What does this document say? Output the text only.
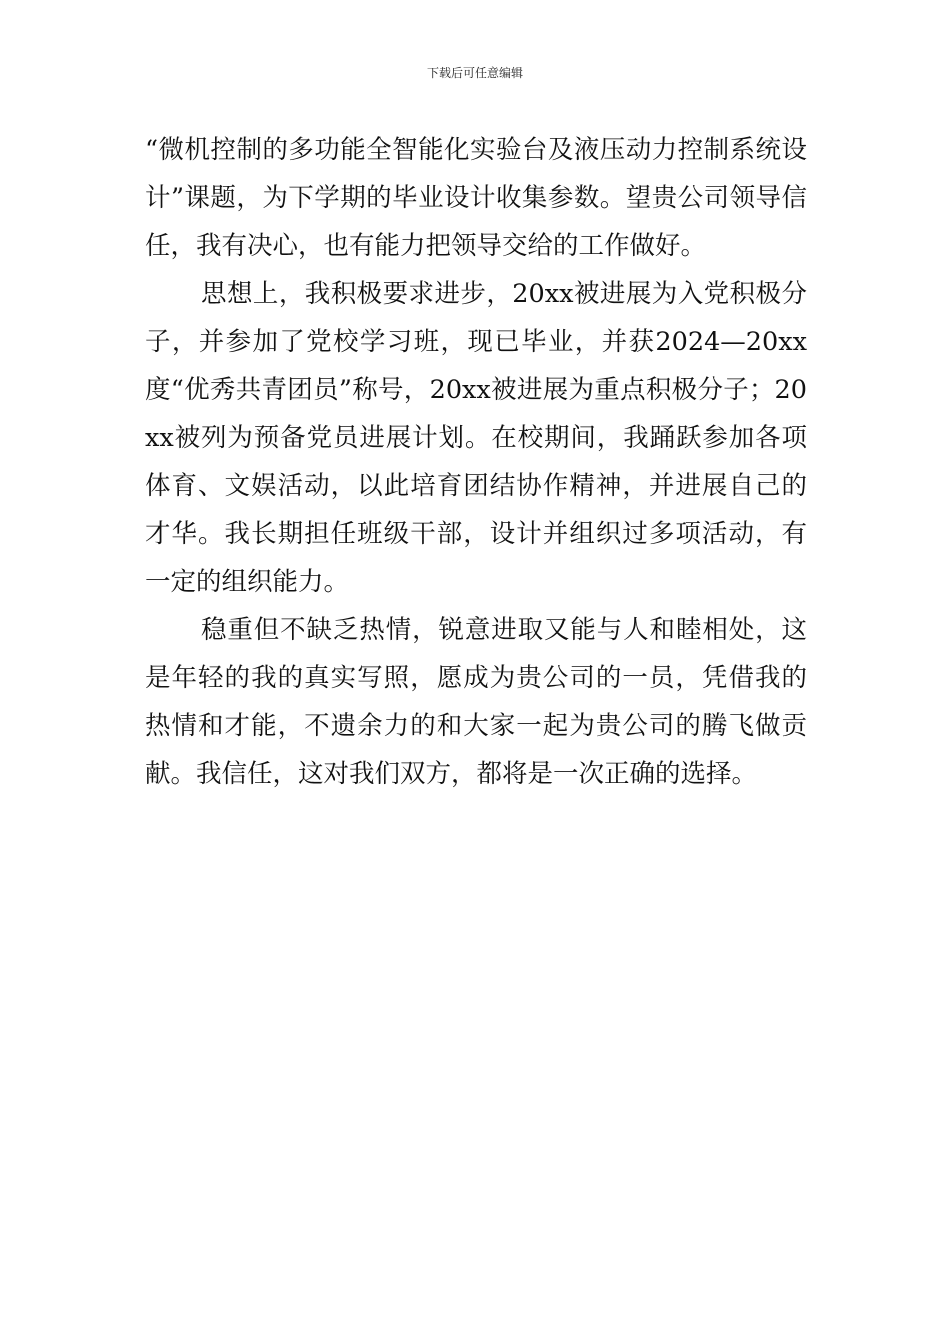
下载后可任意编辑

“微机控制的多功能全智能化实验台及液压动力控制系统设计”课题，为下学期的毕业设计收集参数。望贵公司领导信任，我有决心，也有能力把领导交给的工作做好。

思想上，我积极要求进步，20xx被进展为入党积极分子，并参加了党校学习班，现已毕业，并获2024—20xx度“优秀共青团员”称号，20xx被进展为重点积极分子；20xx被列为预备党员进展计划。在校期间，我踊跃参加各项体育、文娱活动，以此培育团结协作精神，并进展自己的才华。我长期担任班级干部，设计并组织过多项活动，有一定的组织能力。

稳重但不缺乏热情，锐意进取又能与人和睦相处，这是年轻的我的真实写照，愿成为贵公司的一员，凭借我的热情和才能，不遗余力的和大家一起为贵公司的腾飞做贡献。我信任，这对我们双方，都将是一次正确的选择。
